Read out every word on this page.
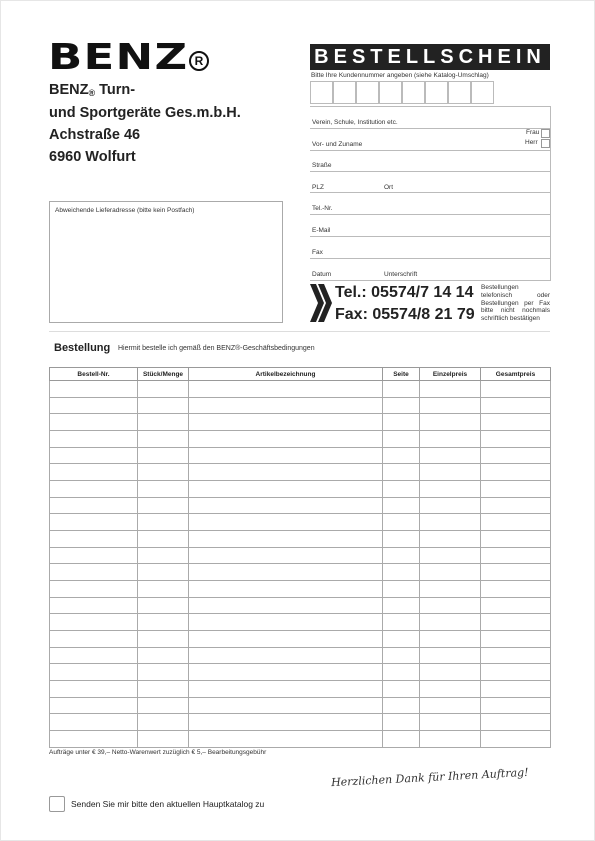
BENZ R
$BENZ_®$ Turn-
und Sportgeräte Ges.m.b.H.
Achstraße 46
6960 Wolfurt
BESTELLSCHEIN
Bitte Ihre Kundennummer angeben (siehe Katalog-Umschlag)
Verein, Schule, Institution etc.
Vor- und Zuname
Frau
Herr
Straße
PLZ	Ort
Tel.-Nr.
E-Mail
Fax
Datum	Unterschrift
Abweichende Lieferadresse (bitte kein Postfach)
Tel.: 05574/7 14 14
Fax: 05574/8 21 79
Bestellungen telefonisch oder Bestellungen per Fax bitte nicht nochmals schriftlich bestätigen
Bestellung Hiermit bestelle ich gemäß den BENZ®-Geschäftsbedingungen
Bestell-Nr.	Stück/Menge	Artikelbezeichnung	Seite	Einzelpreis	Gesamtpreis

Aufträge unter € 39,– Netto-Warenwert zuzüglich € 5,– Bearbeitungsgebühr
Herzlichen Dank für Ihren Auftrag!
Senden Sie mir bitte den aktuellen Hauptkatalog zu
